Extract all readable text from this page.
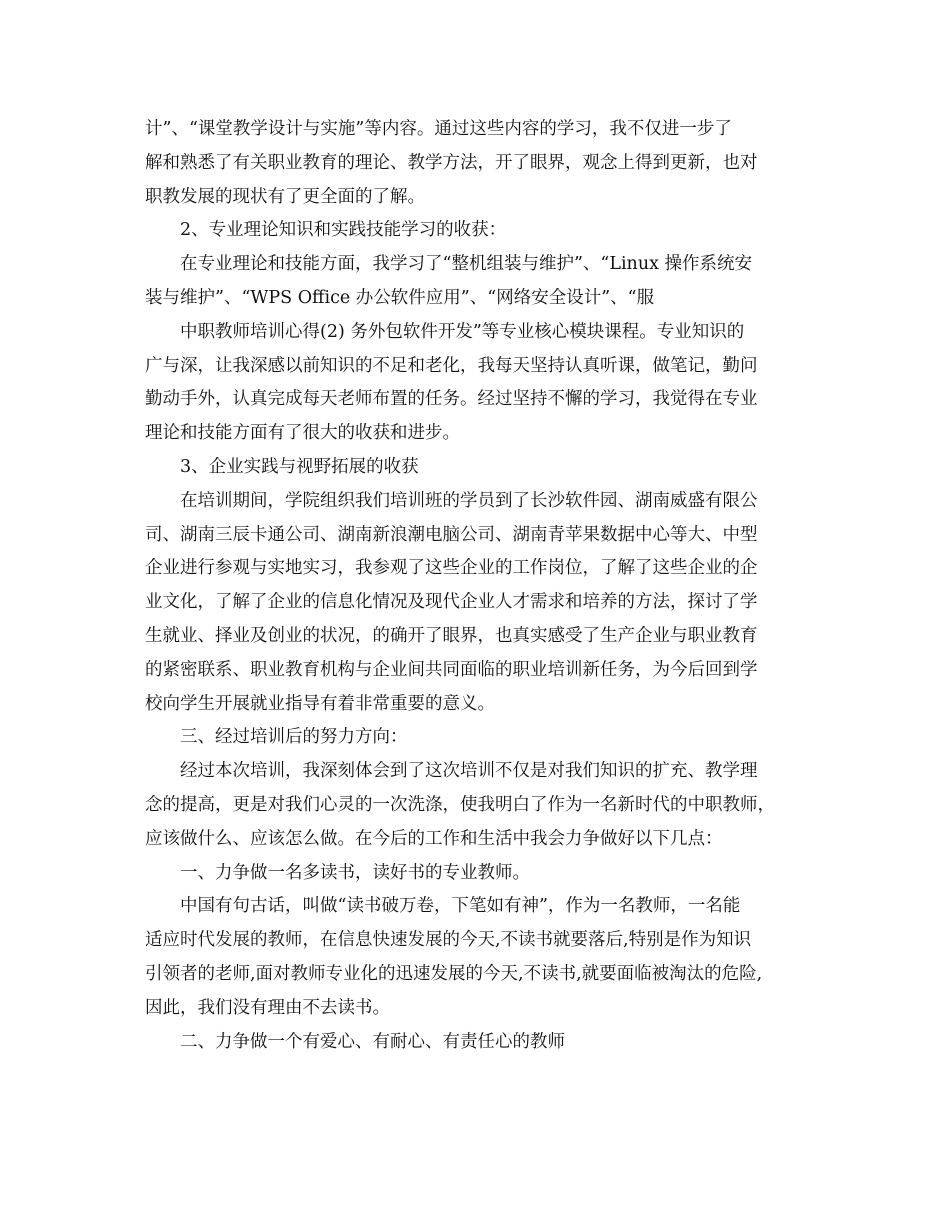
计”、“课堂教学设计与实施”等内容。通过这些内容的学习，我不仅进一步了
解和熟悉了有关职业教育的理论、教学方法，开了眼界，观念上得到更新，也对
职教发展的现状有了更全面的了解。
2、专业理论知识和实践技能学习的收获：
在专业理论和技能方面，我学习了“整机组装与维护”、“Linux 操作系统安
装与维护”、“WPS Office 办公软件应用”、“网络安全设计”、“服
中职教师培训心得(2) 务外包软件开发”等专业核心模块课程。专业知识的
广与深，让我深感以前知识的不足和老化，我每天坚持认真听课，做笔记，勤问
勤动手外，认真完成每天老师布置的任务。经过坚持不懈的学习，我觉得在专业
理论和技能方面有了很大的收获和进步。
3、企业实践与视野拓展的收获
在培训期间，学院组织我们培训班的学员到了长沙软件园、湖南威盛有限公
司、湖南三辰卡通公司、湖南新浪潮电脑公司、湖南青苹果数据中心等大、中型
企业进行参观与实地实习，我参观了这些企业的工作岗位，了解了这些企业的企
业文化，了解了企业的信息化情况及现代企业人才需求和培养的方法，探讨了学
生就业、择业及创业的状况，的确开了眼界，也真实感受了生产企业与职业教育
的紧密联系、职业教育机构与企业间共同面临的职业培训新任务，为今后回到学
校向学生开展就业指导有着非常重要的意义。
三、经过培训后的努力方向：
经过本次培训，我深刻体会到了这次培训不仅是对我们知识的扩充、教学理
念的提高，更是对我们心灵的一次洗涤，使我明白了作为一名新时代的中职教师，
应该做什么、应该怎么做。在今后的工作和生活中我会力争做好以下几点：
一、力争做一名多读书，读好书的专业教师。
中国有句古话，叫做“读书破万卷，下笔如有神”，作为一名教师，一名能
适应时代发展的教师，在信息快速发展的今天,不读书就要落后,特别是作为知识
引领者的老师,面对教师专业化的迅速发展的今天,不读书,就要面临被淘汰的危险,
因此，我们没有理由不去读书。
二、力争做一个有爱心、有耐心、有责任心的教师
